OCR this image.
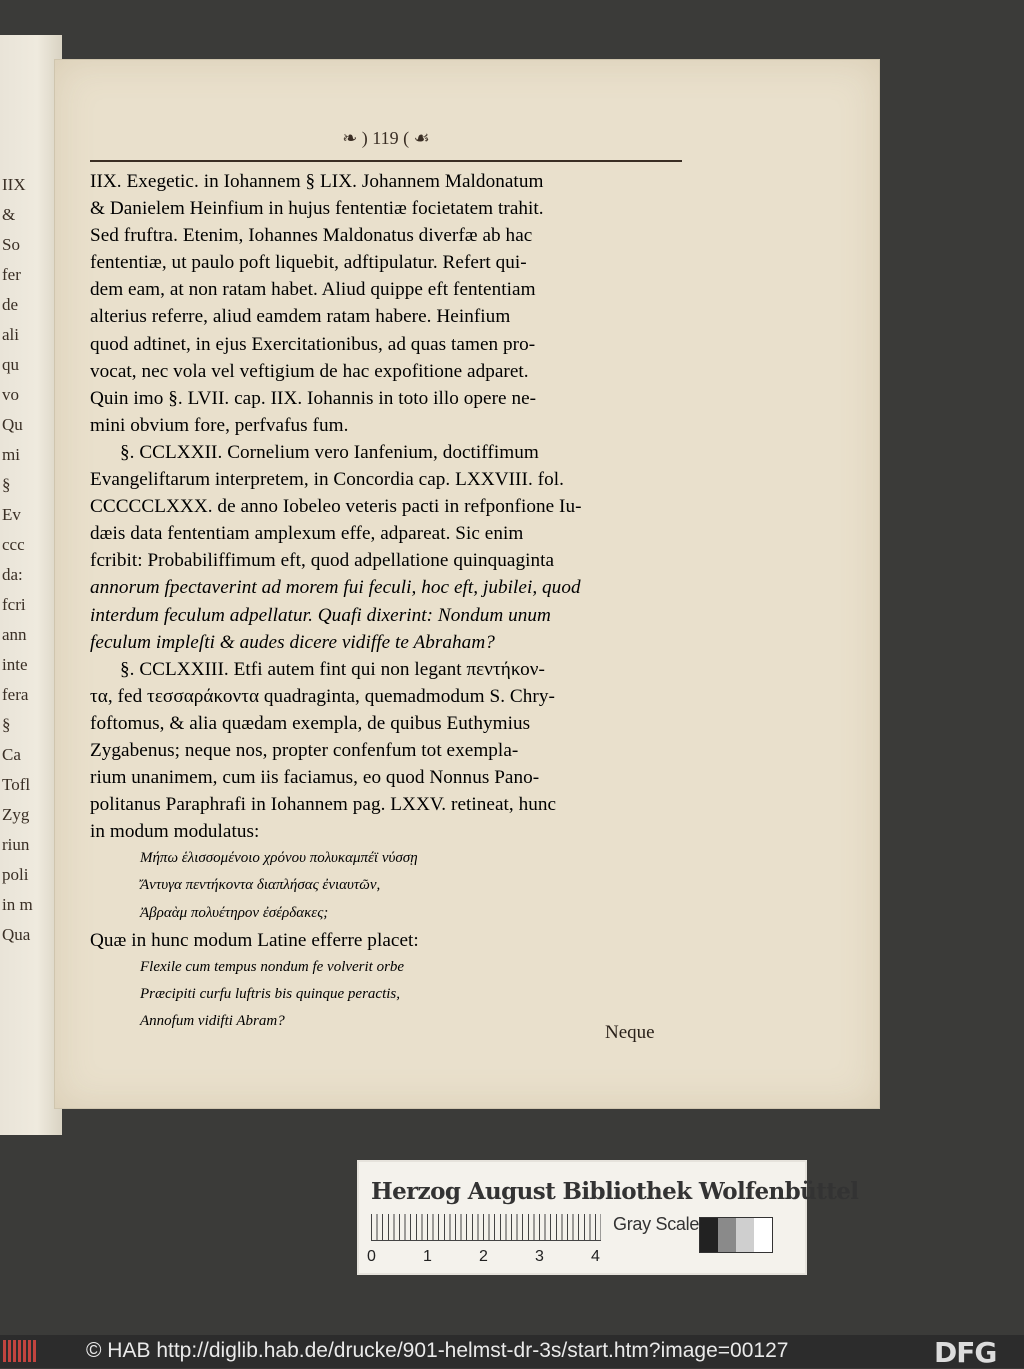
IIX
&
So
fer
de
ali
qu
vo
Qu
mi
§
Ev
ccc
da:
fcri
ann
inte
fera
§
Ca
Tofl
Zyg
riun
poli
in m
Qua
❧ ) 119 ( ☙
IIX. Exegetic. in Iohannem § LIX. Johannem Maldonatum
& Danielem Heinfium in hujus fententiæ focietatem trahit.
Sed fruftra. Etenim, Iohannes Maldonatus diverfæ ab hac
fententiæ, ut paulo poft liquebit, adftipulatur. Refert qui-
dem eam, at non ratam habet. Aliud quippe eft fententiam
alterius referre, aliud eamdem ratam habere. Heinfium
quod adtinet, in ejus Exercitationibus, ad quas tamen pro-
vocat, nec vola vel veftigium de hac expofitione adparet.
Quin imo §. LVII. cap. IIX. Iohannis in toto illo opere ne-
mini obvium fore, perfvafus fum.
§. CCLXXII. Cornelium vero Ianfenium, doctiffimum
Evangeliftarum interpretem, in Concordia cap. LXXVIII. fol.
CCCCCLXXX. de anno Iobeleo veteris pacti in refponfione Iu-
dæis data fententiam amplexum effe, adpareat. Sic enim
fcribit: Probabiliffimum eft, quod adpellatione quinquaginta
annorum fpectaverint ad morem fui feculi, hoc eft, jubilei, quod
interdum feculum adpellatur. Quafi dixerint: Nondum unum
feculum impleſti & audes dicere vidiffe te Abraham?
§. CCLXXIII. Etfi autem fint qui non legant πεντήκον-
τα, fed τεσσαράκοντα quadraginta, quemadmodum S. Chry-
foftomus, & alia quædam exempla, de quibus Euthymius
Zygabenus; neque nos, propter confenfum tot exempla-
rium unanimem, cum iis faciamus, eo quod Nonnus Pano-
politanus Paraphrafi in Iohannem pag. LXXV. retineat, hunc
in modum modulatus:
Μήπω ἑλισσομένοιο χρόνου πολυκαμπέϊ νύσσῃ
Ἄντυγα πεντήκοντα διαπλήσας ἐνιαυτῶν,
Ἀβραὰμ πολυέτηρον ἐσέρδακες;
Quæ in hunc modum Latine efferre placet:
Flexile cum tempus nondum fe volverit orbe
Præcipiti curfu luftris bis quinque peractis,
Annofum vidifti Abram?
Neque
Herzog August Bibliothek Wolfenbüttel
Gray Scale
0	1	2	3	4
© HAB http://diglib.hab.de/drucke/901-helmst-dr-3s/start.htm?image=00127	DFG
